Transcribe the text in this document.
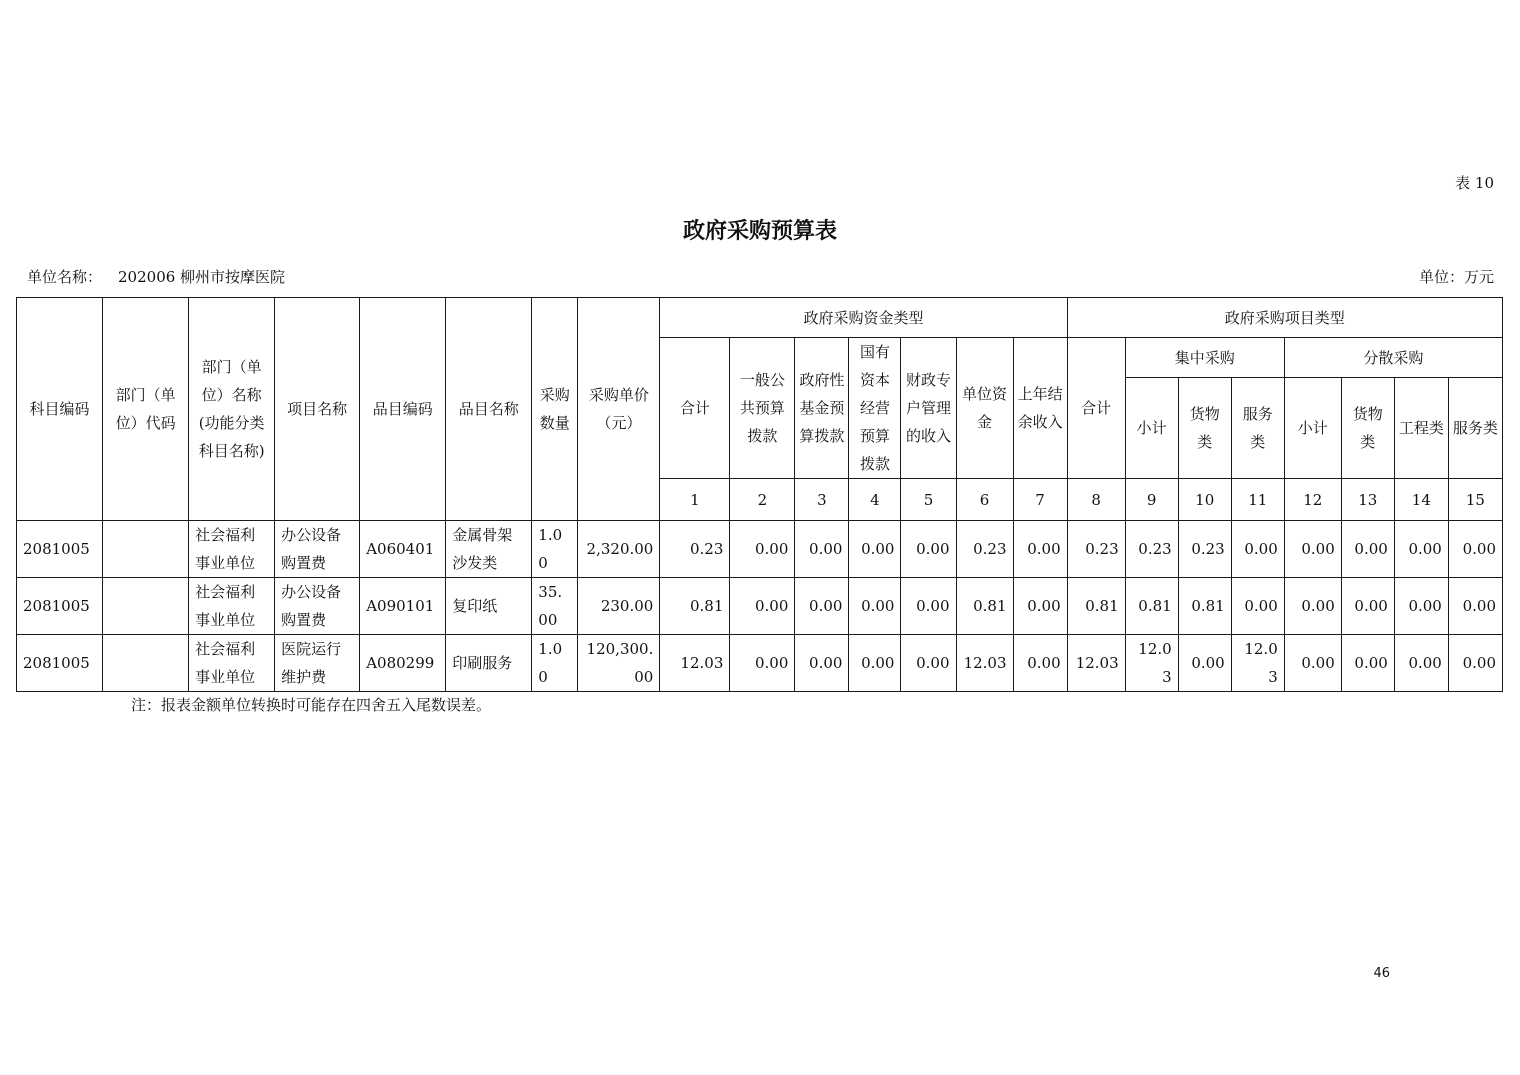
表 10
政府采购预算表
单位名称： 202006 柳州市按摩医院	单位：万元
科目编码	部门（单位）代码	部门（单位）名称(功能分类科目名称)	项目名称	品目编码	品目名称	采购数量	采购单价（元）	政府采购资金类型							政府采购项目类型							
								合计	一般公共预算拨款	政府性基金预算拨款	国有资本经营预算拨款	财政专户管理的收入	单位资金	上年结余收入	合计	集中采购			分散采购			
																小计	货物类	服务类	小计	货物类	工程类	服务类
								1	2	3	4	5	6	7	8	9	10	11	12	13	14	15
2081005		社会福利事业单位	办公设备购置费	A060401	金属骨架沙发类	1.00	2,320.00	0.23	0.00	0.00	0.00	0.00	0.23	0.00	0.23	0.23	0.23	0.00	0.00	0.00	0.00	0.00
2081005		社会福利事业单位	办公设备购置费	A090101	复印纸	35.00	230.00	0.81	0.00	0.00	0.00	0.00	0.81	0.00	0.81	0.81	0.81	0.00	0.00	0.00	0.00	0.00
2081005		社会福利事业单位	医院运行维护费	A080299	印刷服务	1.00	120,300.00	12.03	0.00	0.00	0.00	0.00	12.03	0.00	12.03	12.03	0.00	12.03	0.00	0.00	0.00	0.00
注：报表金额单位转换时可能存在四舍五入尾数误差。
46
